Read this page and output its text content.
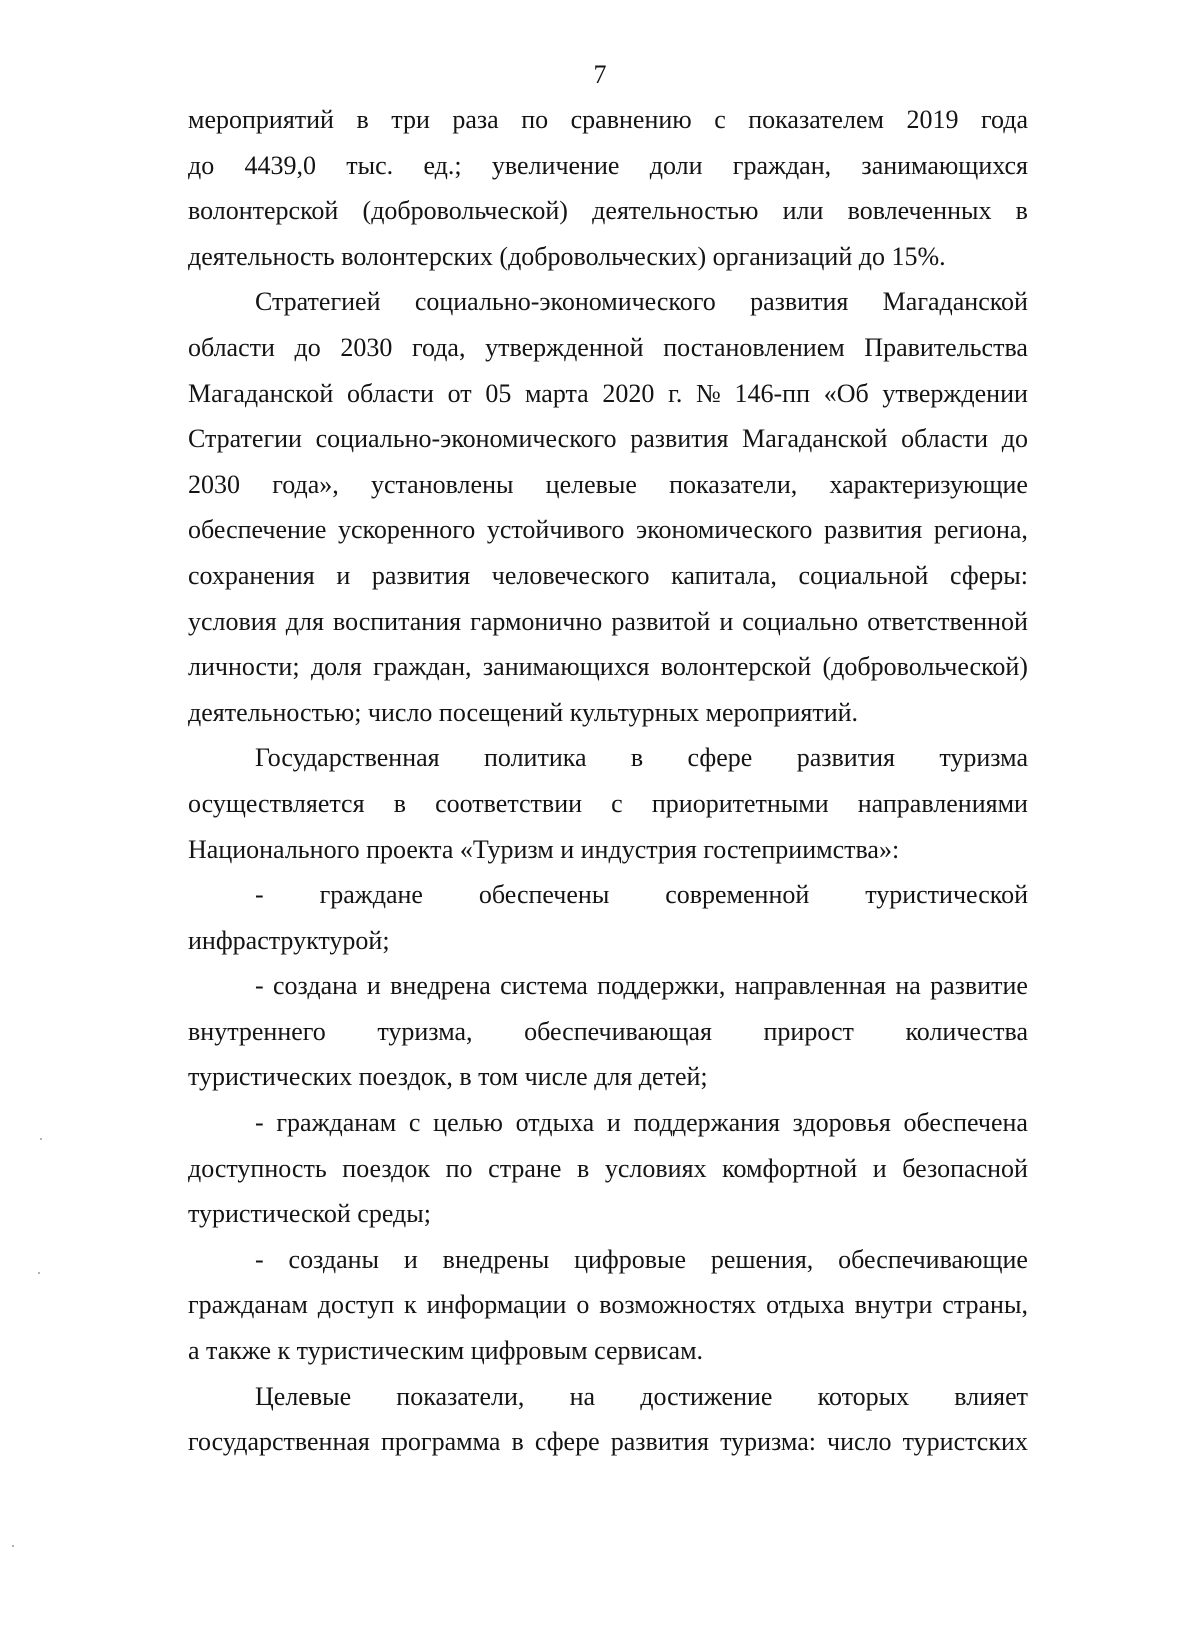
7
мероприятий в три раза по сравнению с показателем 2019 года
до 4439,0 тыс. ед.; увеличение доли граждан, занимающихся
волонтерской (добровольческой) деятельностью или вовлеченных в
деятельность волонтерских (добровольческих) организаций до 15%.
Стратегией социально-экономического развития Магаданской
области до 2030 года, утвержденной постановлением Правительства
Магаданской области от 05 марта 2020 г. № 146-пп «Об утверждении
Стратегии социально-экономического развития Магаданской области до
2030 года», установлены целевые показатели, характеризующие
обеспечение ускоренного устойчивого экономического развития региона,
сохранения и развития человеческого капитала, социальной сферы:
условия для воспитания гармонично развитой и социально ответственной
личности; доля граждан, занимающихся волонтерской (добровольческой)
деятельностью; число посещений культурных мероприятий.
Государственная политика в сфере развития туризма
осуществляется в соответствии с приоритетными направлениями
Национального проекта «Туризм и индустрия гостеприимства»:
- граждане обеспечены современной туристической
инфраструктурой;
- создана и внедрена система поддержки, направленная на развитие
внутреннего туризма, обеспечивающая прирост количества
туристических поездок, в том числе для детей;
- гражданам с целью отдыха и поддержания здоровья обеспечена
доступность поездок по стране в условиях комфортной и безопасной
туристической среды;
- созданы и внедрены цифровые решения, обеспечивающие
гражданам доступ к информации о возможностях отдыха внутри страны,
а также к туристическим цифровым сервисам.
Целевые показатели, на достижение которых влияет
государственная программа в сфере развития туризма: число туристских
